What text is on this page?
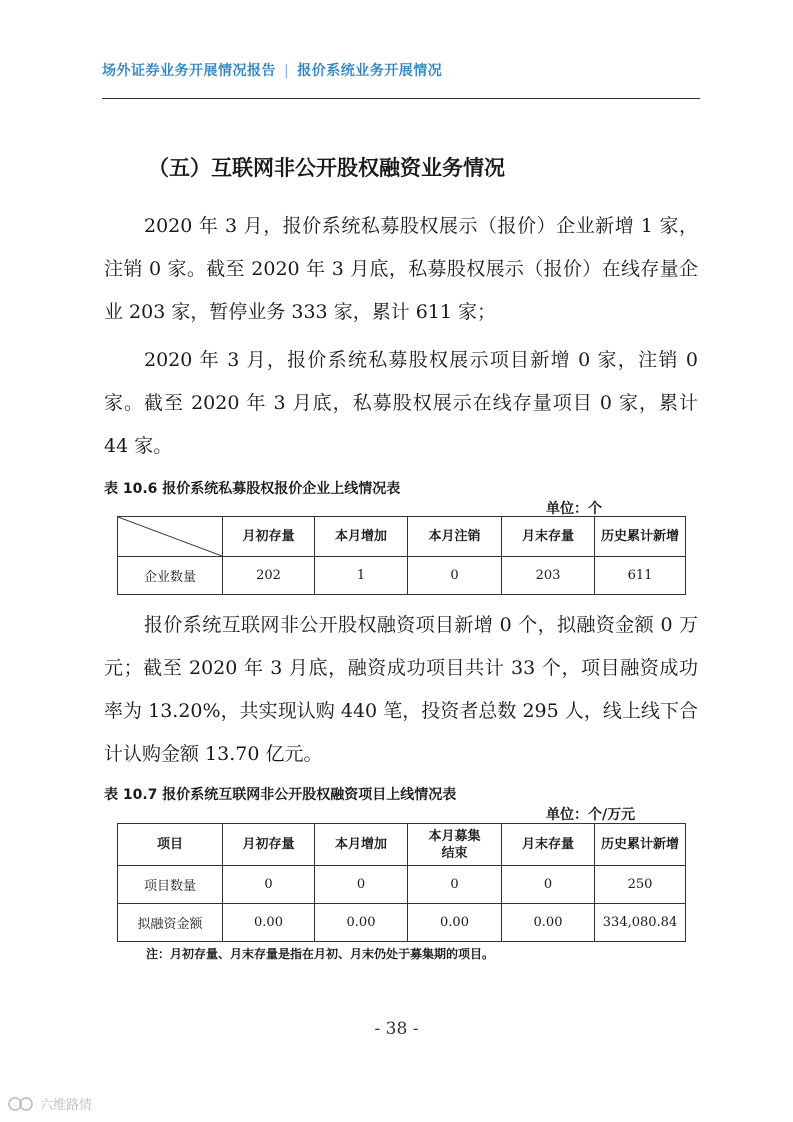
场外证券业务开展情况报告 | 报价系统业务开展情况
（五）互联网非公开股权融资业务情况
2020 年 3 月，报价系统私募股权展示（报价）企业新增 1 家，注销 0 家。截至 2020 年 3 月底，私募股权展示（报价）在线存量企业 203 家，暂停业务 333 家，累计 611 家；
2020 年 3 月，报价系统私募股权展示项目新增 0 家，注销 0 家。截至 2020 年 3 月底，私募股权展示在线存量项目 0 家，累计 44 家。
表 10.6 报价系统私募股权报价企业上线情况表
单位：个
	月初存量	本月增加	本月注销	月末存量	历史累计新增
企业数量	202	1	0	203	611
报价系统互联网非公开股权融资项目新增 0 个，拟融资金额 0 万元；截至 2020 年 3 月底，融资成功项目共计 33 个，项目融资成功率为 13.20%，共实现认购 440 笔，投资者总数 295 人，线上线下合计认购金额 13.70 亿元。
表 10.7 报价系统互联网非公开股权融资项目上线情况表
单位：个/万元
项目	月初存量	本月增加	本月募集结束	月末存量	历史累计新增
项目数量	0	0	0	0	250
拟融资金额	0.00	0.00	0.00	0.00	334,080.84
注：月初存量、月末存量是指在月初、月末仍处于募集期的项目。
- 38 -
六维路情
